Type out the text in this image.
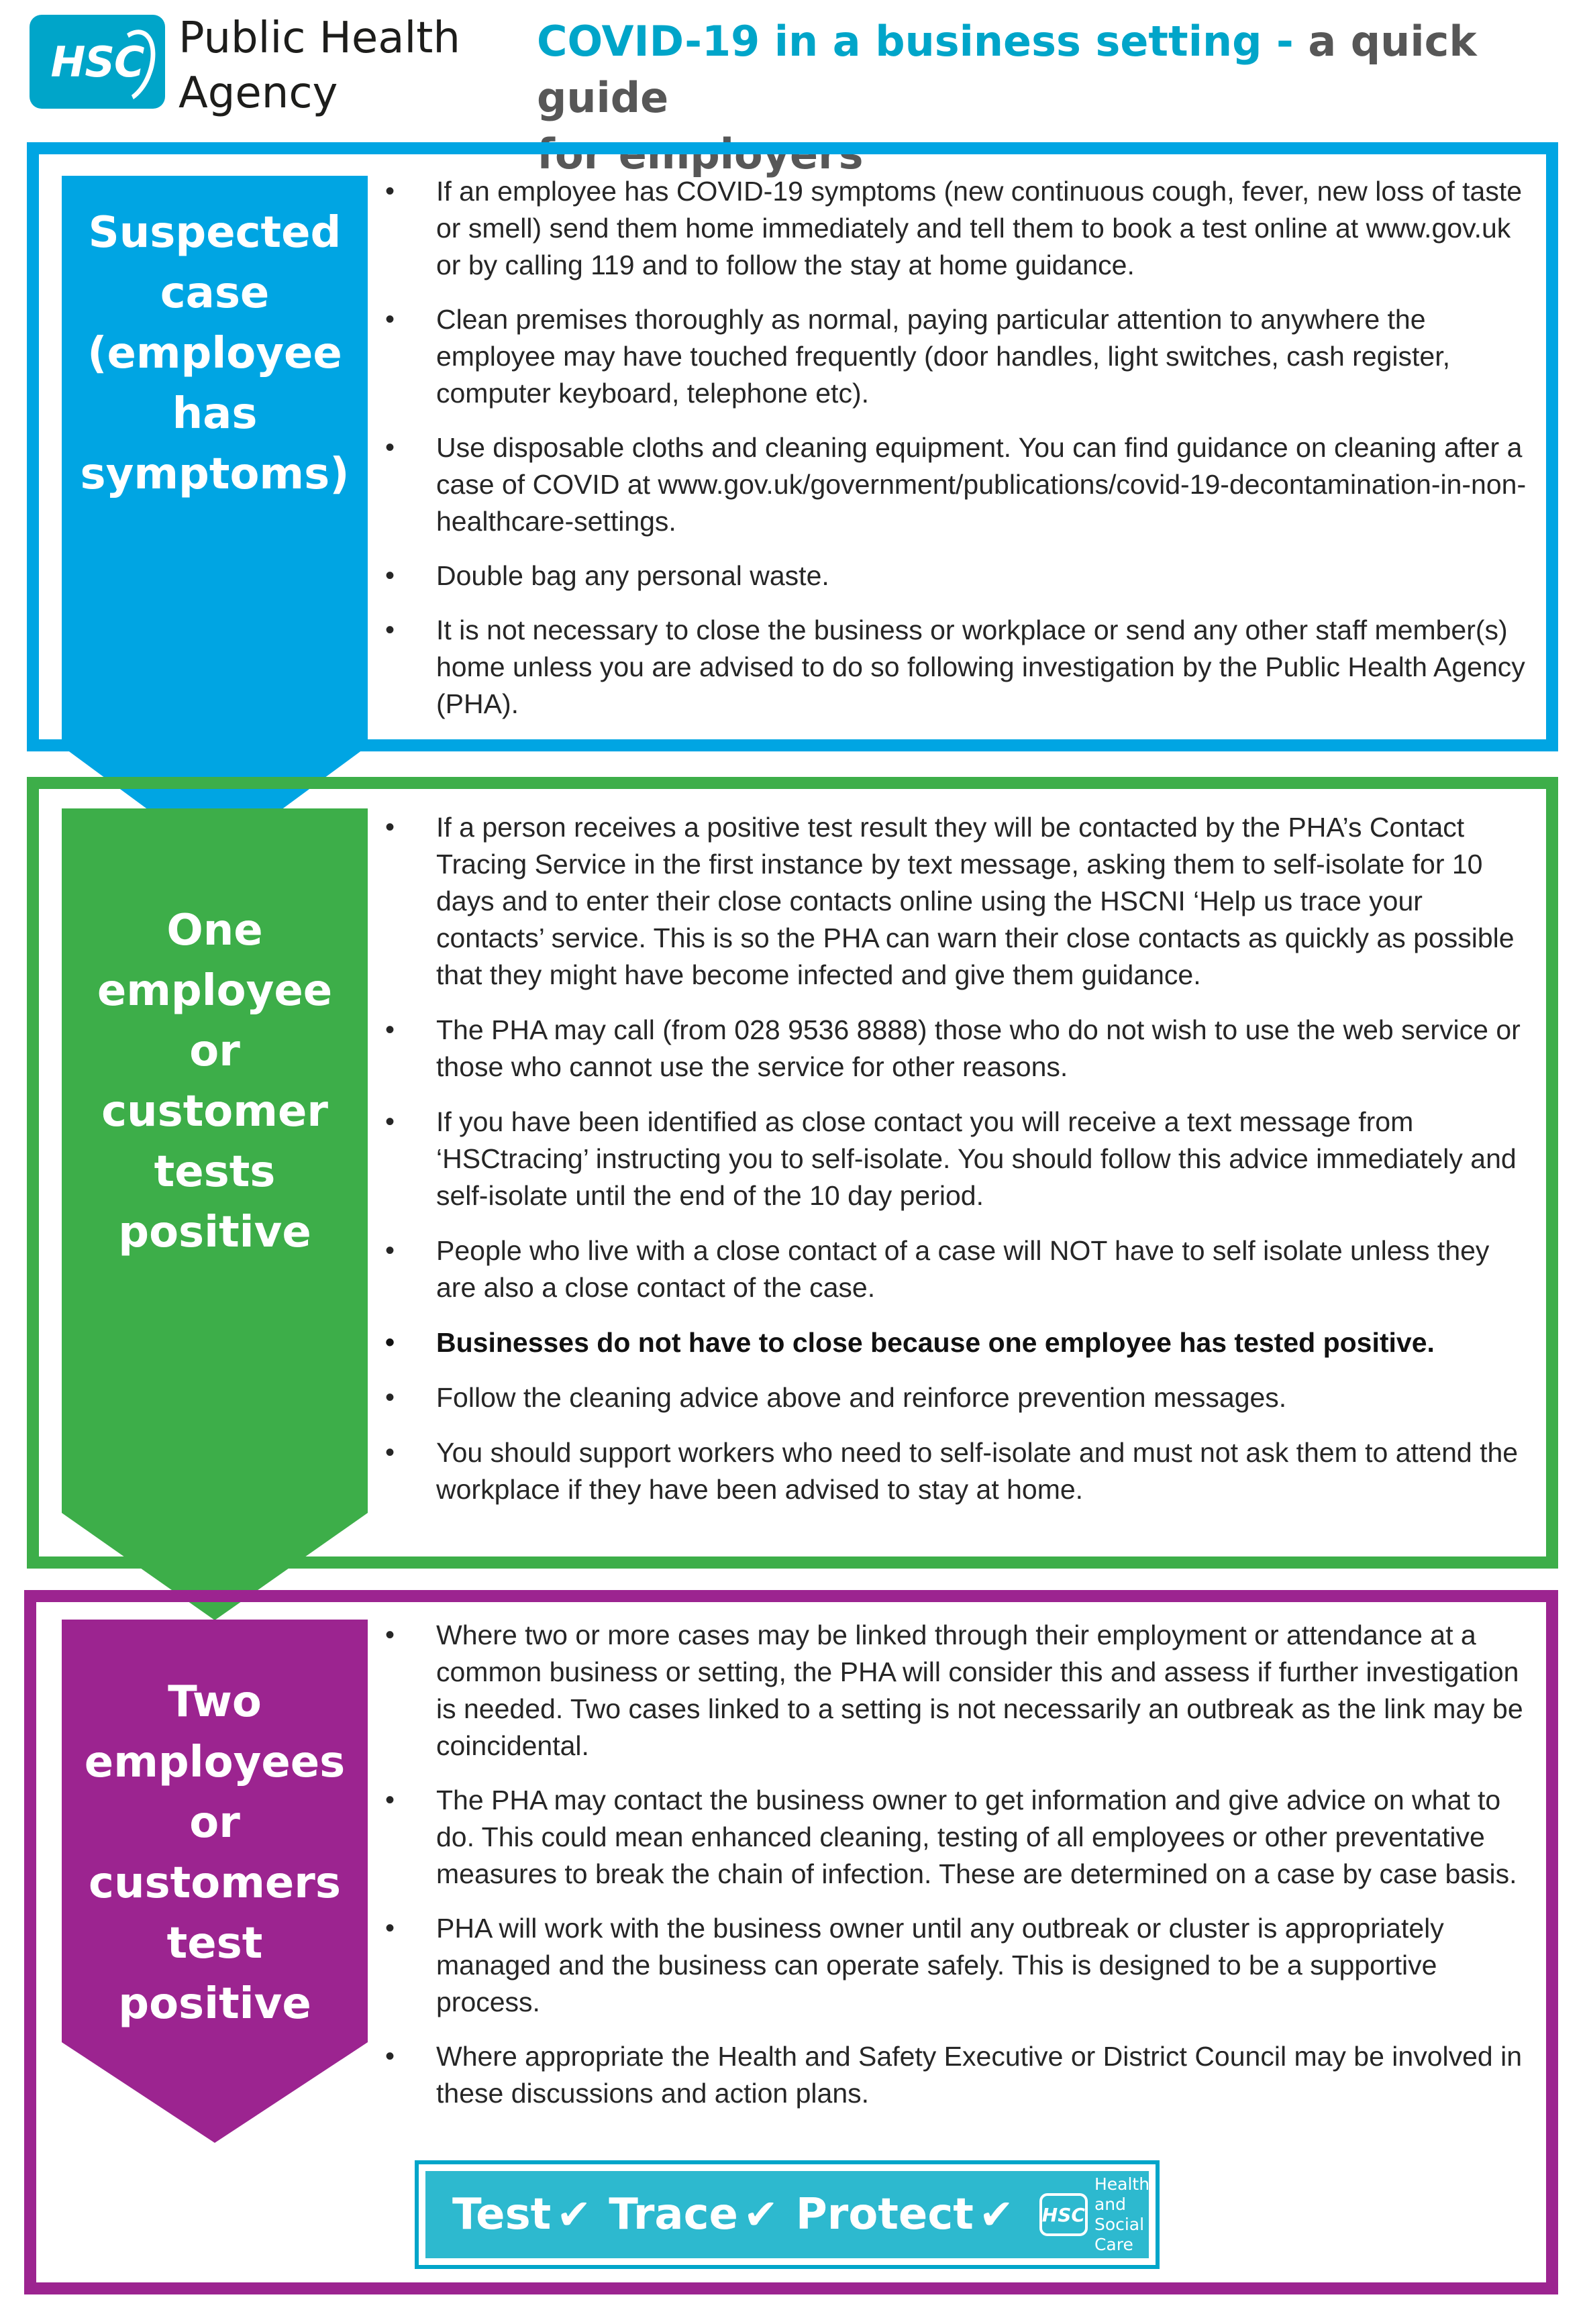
HSC Public Health
Agency
COVID-19 in a business setting - a quick guide
for employers
Suspected
case
(employee
has
symptoms)
• If an employee has COVID-19 symptoms (new continuous cough, fever, new loss of taste or smell) send them home immediately and tell them to book a test online at www.gov.uk or by calling 119 and to follow the stay at home guidance.
• Clean premises thoroughly as normal, paying particular attention to anywhere the employee may have touched frequently (door handles, light switches, cash register, computer keyboard, telephone etc).
• Use disposable cloths and cleaning equipment. You can find guidance on cleaning after a case of COVID at www.gov.uk/government/publications/covid-19-decontamination-in-non-healthcare-settings.
• Double bag any personal waste.
• It is not necessary to close the business or workplace or send any other staff member(s) home unless you are advised to do so following investigation by the Public Health Agency (PHA).
One
employee
or
customer
tests
positive
• If a person receives a positive test result they will be contacted by the PHA’s Contact Tracing Service in the first instance by text message, asking them to self-isolate for 10 days and to enter their close contacts online using the HSCNI ‘Help us trace your contacts’ service. This is so the PHA can warn their close contacts as quickly as possible that they might have become infected and give them guidance.
• The PHA may call (from 028 9536 8888) those who do not wish to use the web service or those who cannot use the service for other reasons.
• If you have been identified as close contact you will receive a text message from ‘HSCtracing’ instructing you to self-isolate. You should follow this advice immediately and self-isolate until the end of the 10 day period.
• People who live with a close contact of a case will NOT have to self isolate unless they are also a close contact of the case.
• Businesses do not have to close because one employee has tested positive.
• Follow the cleaning advice above and reinforce prevention messages.
• You should support workers who need to self-isolate and must not ask them to attend the workplace if they have been advised to stay at home.
Two
employees
or
customers
test
positive
• Where two or more cases may be linked through their employment or attendance at a common business or setting, the PHA will consider this and assess if further investigation is needed. Two cases linked to a setting is not necessarily an outbreak as the link may be coincidental.
• The PHA may contact the business owner to get information and give advice on what to do. This could mean enhanced cleaning, testing of all employees or other preventative measures to break the chain of infection. These are determined on a case by case basis.
• PHA will work with the business owner until any outbreak or cluster is appropriately managed and the business can operate safely. This is designed to be a supportive process.
• Where appropriate the Health and Safety Executive or District Council may be involved in these discussions and action plans.
Test ✔ Trace ✔ Protect ✔	HSC
Health and
Social Care
